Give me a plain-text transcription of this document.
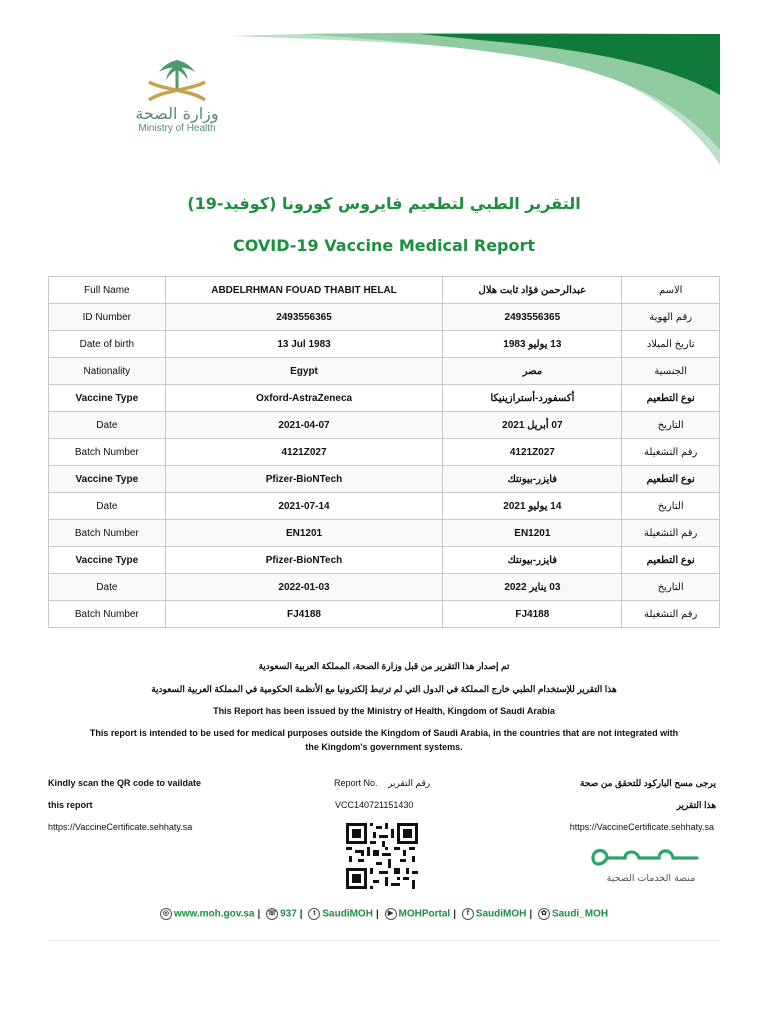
وزارة الصحة
Ministry of Health
التقرير الطبي لتطعيم فايروس كورونا (كوفيد-19)
COVID-19 Vaccine Medical Report
Full Name	ABDELRHMAN FOUAD THABIT HELAL	عبدالرحمن فؤاد ثابت هلال	الاسم
ID Number	2493556365	2493556365	رقم الهوية
Date of birth	13 Jul 1983	13 يوليو 1983	تاريخ الميلاد
Nationality	Egypt	مصر	الجنسية
Vaccine Type	Oxford-AstraZeneca	أكسفورد-أسترازينيكا	نوع التطعيم
Date	2021-04-07	07 أبريل 2021	التاريخ
Batch Number	4121Z027	4121Z027	رقم التشغيلة
Vaccine Type	Pfizer-BioNTech	فايزر-بيونتك	نوع التطعيم
Date	2021-07-14	14 يوليو 2021	التاريخ
Batch Number	EN1201	EN1201	رقم التشغيلة
Vaccine Type	Pfizer-BioNTech	فايزر-بيونتك	نوع التطعيم
Date	2022-01-03	03 يناير 2022	التاريخ
Batch Number	FJ4188	FJ4188	رقم التشغيلة
تم إصدار هذا التقرير من قبل وزارة الصحة، المملكة العربية السعودية
هذا التقرير للإستخدام الطبي خارج المملكة في الدول التي لم ترتبط إلكترونيا مع الأنظمة الحكومية في المملكة العربية السعودية
This Report has been issued by the Ministry of Health, Kingdom of Saudi Arabia
This report is intended to be used for medical purposes outside the Kingdom of Saudi Arabia, in the countries that are not integrated with
the Kingdom's government systems.
Kindly scan the QR code to vaildate
this report
https://VaccineCertificate.sehhaty.sa
Report No. رقم التقرير
VCC140721151430
يرجى مسح الباركود للتحقق من صحة
هذا التقرير
https://VaccineCertificate.sehhaty.sa
منصة الخدمات الصحية
◎ www.moh.gov.sa | ☏ 937 | t SaudiMOH | ▶ MOHPortal | f SaudiMOH | ✿ Saudi_MOH
